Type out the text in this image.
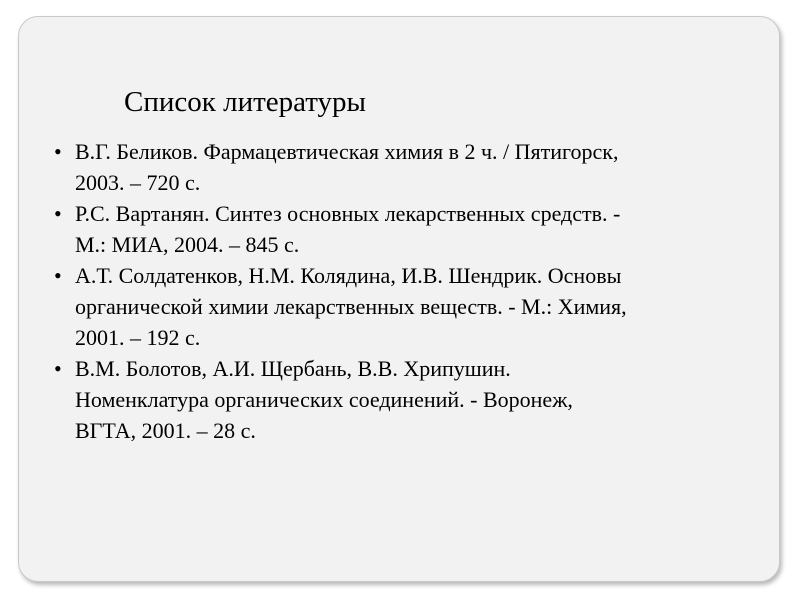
Список литературы
• В.Г. Беликов. Фармацевтическая химия в 2 ч. / Пятигорск,
2003. – 720 с.
• Р.С. Вартанян. Синтез основных лекарственных средств. -
М.: МИА, 2004. – 845 с.
• А.Т. Солдатенков, Н.М. Колядина, И.В. Шендрик. Основы
органической химии лекарственных веществ. - М.: Химия,
2001. – 192 с.
• В.М. Болотов, А.И. Щербань, В.В. Хрипушин.
Номенклатура органических соединений. - Воронеж,
ВГТА, 2001. – 28 с.
